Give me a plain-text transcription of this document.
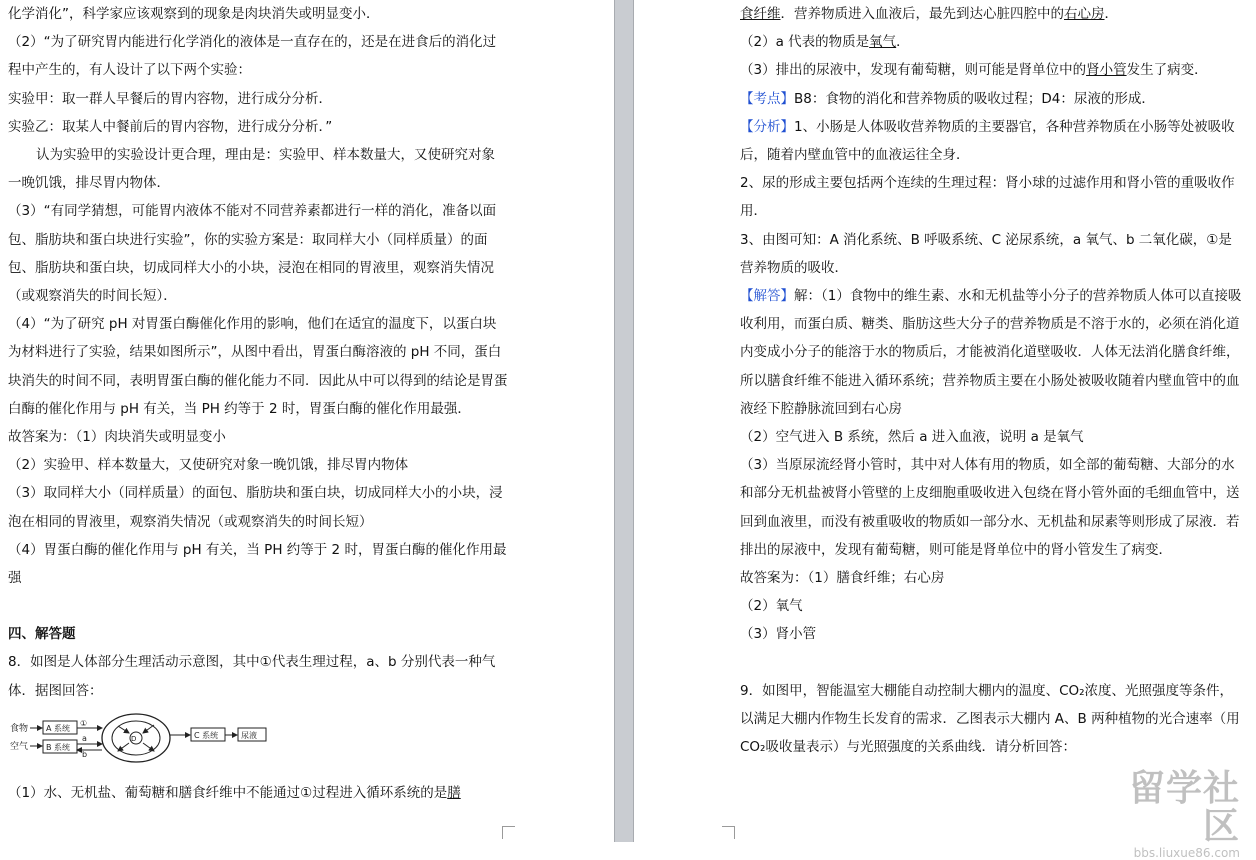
化学消化”，科学家应该观察到的现象是肉块消失或明显变小．

（2）“为了研究胃内能进行化学消化的液体是一直存在的，还是在进食后的消化过程中产生的，有人设计了以下两个实验：

实验甲：取一群人早餐后的胃内容物，进行成分分析．

实验乙：取某人中餐前后的胃内容物，进行成分分析．”

认为实验甲的实验设计更合理，理由是：实验甲、样本数量大，又使研究对象一晚饥饿，排尽胃内物体．

（3）“有同学猜想，可能胃内液体不能对不同营养素都进行一样的消化，准备以面包、脂肪块和蛋白块进行实验”，你的实验方案是：取同样大小（同样质量）的面包、脂肪块和蛋白块，切成同样大小的小块，浸泡在相同的胃液里，观察消失情况（或观察消失的时间长短）．

（4）“为了研究 pH 对胃蛋白酶催化作用的影响，他们在适宜的温度下，以蛋白块为材料进行了实验，结果如图所示”，从图中看出，胃蛋白酶溶液的 pH 不同，蛋白块消失的时间不同，表明胃蛋白酶的催化能力不同．因此从中可以得到的结论是胃蛋白酶的催化作用与 pH 有关，当 PH 约等于 2 时，胃蛋白酶的催化作用最强．

故答案为：（1）肉块消失或明显变小

（2）实验甲、样本数量大，又使研究对象一晚饥饿，排尽胃内物体

（3）取同样大小（同样质量）的面包、脂肪块和蛋白块，切成同样大小的小块，浸泡在相同的胃液里，观察消失情况（或观察消失的时间长短）

（4）胃蛋白酶的催化作用与 pH 有关，当 PH 约等于 2 时，胃蛋白酶的催化作用最强

四、解答题

8．如图是人体部分生理活动示意图，其中①代表生理过程，a、b 分别代表一种气体．据图回答：

食物
空气
A 系统
B 系统
①
a
b
D	C 系统	尿液

（1）水、无机盐、葡萄糖和膳食纤维中不能通过①过程进入循环系统的是膳

食纤维．营养物质进入血液后，最先到达心脏四腔中的右心房．

（2）a 代表的物质是氧气．

（3）排出的尿液中，发现有葡萄糖，则可能是肾单位中的肾小管发生了病变．

【考点】B8：食物的消化和营养物质的吸收过程；D4：尿液的形成．

【分析】1、小肠是人体吸收营养物质的主要器官，各种营养物质在小肠等处被吸收后，随着内壁血管中的血液运往全身．

2、尿的形成主要包括两个连续的生理过程：肾小球的过滤作用和肾小管的重吸收作用．

3、由图可知：A 消化系统、B 呼吸系统、C 泌尿系统，a 氧气、b 二氧化碳，①是营养物质的吸收．

【解答】解：（1）食物中的维生素、水和无机盐等小分子的营养物质人体可以直接吸收利用，而蛋白质、糖类、脂肪这些大分子的营养物质是不溶于水的，必须在消化道内变成小分子的能溶于水的物质后，才能被消化道壁吸收．人体无法消化膳食纤维，所以膳食纤维不能进入循环系统；营养物质主要在小肠处被吸收随着内壁血管中的血液经下腔静脉流回到右心房

（2）空气进入 B 系统，然后 a 进入血液，说明 a 是氧气

（3）当原尿流经肾小管时，其中对人体有用的物质，如全部的葡萄糖、大部分的水和部分无机盐被肾小管壁的上皮细胞重吸收进入包绕在肾小管外面的毛细血管中，送回到血液里，而没有被重吸收的物质如一部分水、无机盐和尿素等则形成了尿液．若排出的尿液中，发现有葡萄糖，则可能是肾单位中的肾小管发生了病变．

故答案为：（1）膳食纤维；右心房

（2）氧气

（3）肾小管

9．如图甲，智能温室大棚能自动控制大棚内的温度、CO₂浓度、光照强度等条件，以满足大棚内作物生长发育的需求．乙图表示大棚内 A、B 两种植物的光合速率（用 CO₂吸收量表示）与光照强度的关系曲线．请分析回答：

留学社区
bbs.liuxue86.com
